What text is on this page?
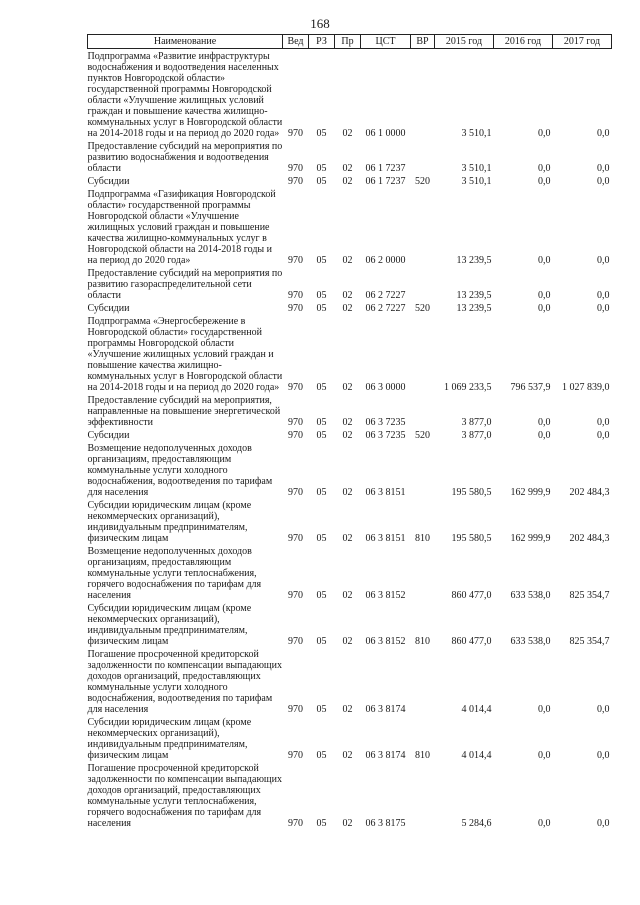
168
Наименование	Вед	РЗ	Пр	ЦСТ	ВР	2015 год	2016 год	2017 год
Подпрограмма «Развитие инфраструктуры водоснабжения и водоотведения населенных пунктов Новгородской области» государственной программы Новгородской области «Улучшение жилищных условий граждан и повышение качества жилищно-коммунальных услуг в Новгородской области на 2014-2018 годы и на период до 2020 года»	970	05	02	06 1 0000		3 510,1	0,0	0,0
Предоставление субсидий на мероприятия по развитию водоснабжения и водоотведения области	970	05	02	06 1 7237		3 510,1	0,0	0,0
Субсидии	970	05	02	06 1 7237	520	3 510,1	0,0	0,0
Подпрограмма «Газификация Новгородской области» государственной программы Новгородской области «Улучшение жилищных условий граждан и повышение качества жилищно-коммунальных услуг в Новгородской области на 2014-2018 годы и на период до 2020 года»	970	05	02	06 2 0000		13 239,5	0,0	0,0
Предоставление субсидий на мероприятия по развитию газораспределительной сети области	970	05	02	06 2 7227		13 239,5	0,0	0,0
Субсидии	970	05	02	06 2 7227	520	13 239,5	0,0	0,0
Подпрограмма «Энергосбережение в Новгородской области» государственной программы Новгородской области «Улучшение жилищных условий граждан и повышение качества жилищно-коммунальных услуг в Новгородской области на 2014-2018 годы и на период до 2020 года»	970	05	02	06 3 0000		1 069 233,5	796 537,9	1 027 839,0
Предоставление субсидий на мероприятия, направленные на повышение энергетической эффективности	970	05	02	06 3 7235		3 877,0	0,0	0,0
Субсидии	970	05	02	06 3 7235	520	3 877,0	0,0	0,0
Возмещение недополученных доходов организациям, предоставляющим коммунальные услуги холодного водоснабжения, водоотведения по тарифам для населения	970	05	02	06 3 8151		195 580,5	162 999,9	202 484,3
Субсидии юридическим лицам (кроме некоммерческих организаций), индивидуальным предпринимателям, физическим лицам	970	05	02	06 3 8151	810	195 580,5	162 999,9	202 484,3
Возмещение недополученных доходов организациям, предоставляющим коммунальные услуги теплоснабжения, горячего водоснабжения по тарифам для населения	970	05	02	06 3 8152		860 477,0	633 538,0	825 354,7
Субсидии юридическим лицам (кроме некоммерческих организаций), индивидуальным предпринимателям, физическим лицам	970	05	02	06 3 8152	810	860 477,0	633 538,0	825 354,7
Погашение просроченной кредиторской задолженности по компенсации выпадающих доходов организаций, предоставляющих коммунальные услуги холодного водоснабжения, водоотведения по тарифам для населения	970	05	02	06 3 8174		4 014,4	0,0	0,0
Субсидии юридическим лицам (кроме некоммерческих организаций), индивидуальным предпринимателям, физическим лицам	970	05	02	06 3 8174	810	4 014,4	0,0	0,0
Погашение просроченной кредиторской задолженности по компенсации выпадающих доходов организаций, предоставляющих коммунальные услуги теплоснабжения, горячего водоснабжения по тарифам для населения	970	05	02	06 3 8175		5 284,6	0,0	0,0
